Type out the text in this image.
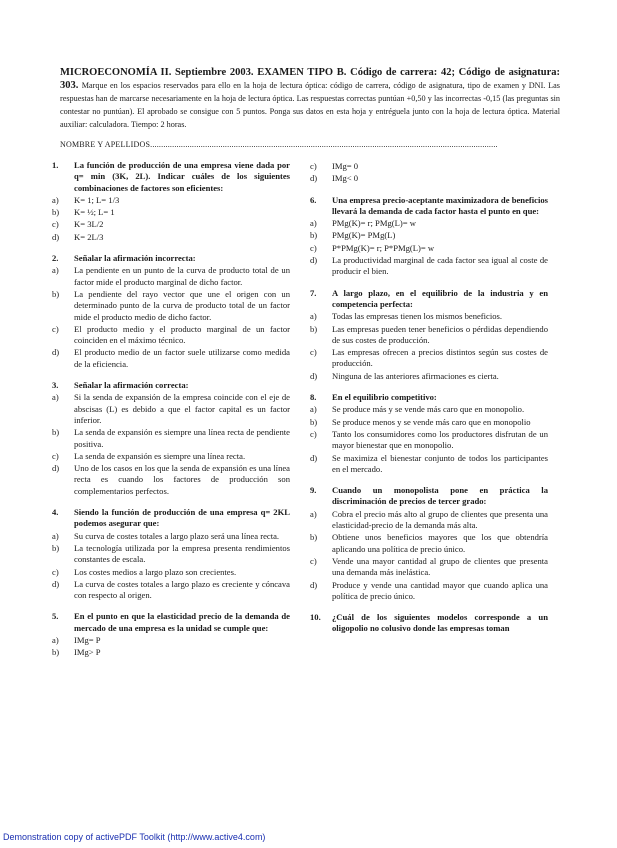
MICROECONOMÍA II. Septiembre 2003. EXAMEN TIPO B. Código de carrera: 42; Código de asignatura: 303. Marque en los espacios reservados para ello en la hoja de lectura óptica: código de carrera, código de asignatura, tipo de examen y DNI. Las respuestas han de marcarse necesariamente en la hoja de lectura óptica. Las respuestas correctas puntúan +0,50 y las incorrectas -0,15 (las preguntas sin contestar no puntúan). El aprobado se consigue con 5 puntos. Ponga sus datos en esta hoja y entréguela junto con la hoja de lectura óptica. Material auxiliar: calculadora. Tiempo: 2 horas.
NOMBRE Y APELLIDOS..............................................................................................................................................................
1.	La función de producción de una empresa viene dada por q= min (3K, 2L). Indicar cuáles de los siguientes combinaciones de factores son eficientes:
a)	K= 1; L= 1/3
b)	K= ½; L= 1
c)	K= 3L/2
d)	K= 2L/3
2.	Señalar la afirmación incorrecta:
a)	La pendiente en un punto de la curva de producto total de un factor mide el producto marginal de dicho factor.
b)	La pendiente del rayo vector que une el origen con un determinado punto de la curva de producto total de un factor mide el producto medio de dicho factor.
c)	El producto medio y el producto marginal de un factor coinciden en el máximo técnico.
d)	El producto medio de un factor suele utilizarse como medida de la eficiencia.
3.	Señalar la afirmación correcta:
a)	Si la senda de expansión de la empresa coincide con el eje de abscisas (L) es debido a que el factor capital es un factor inferior.
b)	La senda de expansión es siempre una línea recta de pendiente positiva.
c)	La senda de expansión es siempre una línea recta.
d)	Uno de los casos en los que la senda de expansión es una línea recta es cuando los factores de producción son complementarios perfectos.
4.	Siendo la función de producción de una empresa q= 2KL podemos asegurar que:
a)	Su curva de costes totales a largo plazo será una línea recta.
b)	La tecnología utilizada por la empresa presenta rendimientos constantes de escala.
c)	Los costes medios a largo plazo son crecientes.
d)	La curva de costes totales a largo plazo es creciente y cóncava con respecto al origen.
5.	En el punto en que la elasticidad precio de la demanda de mercado de una empresa es la unidad se cumple que:
a)	IMg= P
b)	IMg> P
c)	IMg= 0
d)	IMg< 0
6.	Una empresa precio-aceptante maximizadora de beneficios llevará la demanda de cada factor hasta el punto en que:
a)	PMg(K)= r; PMg(L)= w
b)	PMg(K)= PMg(L)
c)	P*PMg(K)= r; P*PMg(L)= w
d)	La productividad marginal de cada factor sea igual al coste de producir el bien.
7.	A largo plazo, en el equilibrio de la industria y en competencia perfecta:
a)	Todas las empresas tienen los mismos beneficios.
b)	Las empresas pueden tener beneficios o pérdidas dependiendo de sus costes de producción.
c)	Las empresas ofrecen a precios distintos según sus costes de producción.
d)	Ninguna de las anteriores afirmaciones es cierta.
8.	En el equilibrio competitivo:
a)	Se produce más y se vende más caro que en monopolio.
b)	Se produce menos y se vende más caro que en monopolio
c)	Tanto los consumidores como los productores disfrutan de un mayor bienestar que en monopolio.
d)	Se maximiza el bienestar conjunto de todos los participantes en el mercado.
9.	Cuando un monopolista pone en práctica la discriminación de precios de tercer grado:
a)	Cobra el precio más alto al grupo de clientes que presenta una elasticidad-precio de la demanda más alta.
b)	Obtiene unos beneficios mayores que los que obtendría aplicando una política de precio único.
c)	Vende una mayor cantidad al grupo de clientes que presenta una demanda más inelástica.
d)	Produce y vende una cantidad mayor que cuando aplica una política de precio único.
10.	¿Cuál de los siguientes modelos corresponde a un oligopolio no colusivo donde las empresas toman
Demonstration copy of activePDF Toolkit (http://www.active4.com)
